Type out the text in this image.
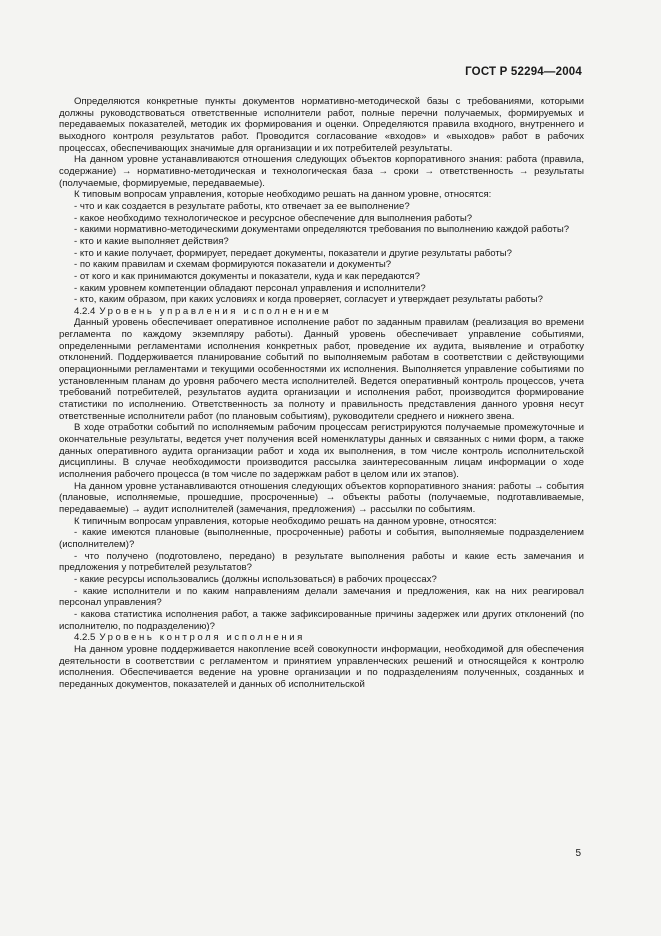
ГОСТ Р 52294—2004

Определяются конкретные пункты документов нормативно-методической базы с требованиями, которыми должны руководствоваться ответственные исполнители работ, полные перечни получаемых, формируемых и передаваемых показателей, методик их формирования и оценки. Определяются правила входного, внутреннего и выходного контроля результатов работ. Проводится согласование «входов» и «выходов» работ в рабочих процессах, обеспечивающих значимые для организации и их потребителей результаты.

На данном уровне устанавливаются отношения следующих объектов корпоративного знания: работа (правила, содержание) → нормативно-методическая и технологическая база → сроки → ответственность → результаты (получаемые, формируемые, передаваемые).

К типовым вопросам управления, которые необходимо решать на данном уровне, относятся:

- что и как создается в результате работы, кто отвечает за ее выполнение?

- какое необходимо технологическое и ресурсное обеспечение для выполнения работы?

- какими нормативно-методическими документами определяются требования по выполнению каждой работы?

- кто и какие выполняет действия?

- кто и какие получает, формирует, передает документы, показатели и другие результаты работы?

- по каким правилам и схемам формируются показатели и документы?

- от кого и как принимаются документы и показатели, куда и как передаются?

- каким уровнем компетенции обладают персонал управления и исполнители?

- кто, каким образом, при каких условиях и когда проверяет, согласует и утверждает результаты работы?

4.2.4 Уровень управления исполнением

Данный уровень обеспечивает оперативное исполнение работ по заданным правилам (реализация во времени регламента по каждому экземпляру работы). Данный уровень обеспечивает управление событиями, определенными регламентами исполнения конкретных работ, проведение их аудита, выявление и отработку отклонений. Поддерживается планирование событий по выполняемым работам в соответствии с действующими операционными регламентами и текущими особенностями их исполнения. Выполняется управление событиями по установленным планам до уровня рабочего места исполнителей. Ведется оперативный контроль процессов, учета требований потребителей, результатов аудита организации и исполнения работ, производится формирование статистики по исполнению. Ответственность за полноту и правильность представления данного уровня несут ответственные исполнители работ (по плановым событиям), руководители среднего и нижнего звена.

В ходе отработки событий по исполняемым рабочим процессам регистрируются получаемые промежуточные и окончательные результаты, ведется учет получения всей номенклатуры данных и связанных с ними форм, а также данных оперативного аудита организации работ и хода их выполнения, в том числе контроль исполнительской дисциплины. В случае необходимости производится рассылка заинтересованным лицам информации о ходе исполнения рабочего процесса (в том числе по задержкам работ в целом или их этапов).

На данном уровне устанавливаются отношения следующих объектов корпоративного знания: работы → события (плановые, исполняемые, прошедшие, просроченные) → объекты работы (получаемые, подготавливаемые, передаваемые) → аудит исполнителей (замечания, предложения) → рассылки по событиям.

К типичным вопросам управления, которые необходимо решать на данном уровне, относятся:

- какие имеются плановые (выполненные, просроченные) работы и события, выполняемые подразделением (исполнителем)?

- что получено (подготовлено, передано) в результате выполнения работы и какие есть замечания и предложения у потребителей результатов?

- какие ресурсы использовались (должны использоваться) в рабочих процессах?

- какие исполнители и по каким направлениям делали замечания и предложения, как на них реагировал персонал управления?

- какова статистика исполнения работ, а также зафиксированные причины задержек или других отклонений (по исполнителю, по подразделению)?

4.2.5 Уровень контроля исполнения

На данном уровне поддерживается накопление всей совокупности информации, необходимой для обеспечения деятельности в соответствии с регламентом и принятием управленческих решений и относящейся к контролю исполнения. Обеспечивается ведение на уровне организации и по подразделениям полученных, созданных и переданных документов, показателей и данных об исполнительской

5
